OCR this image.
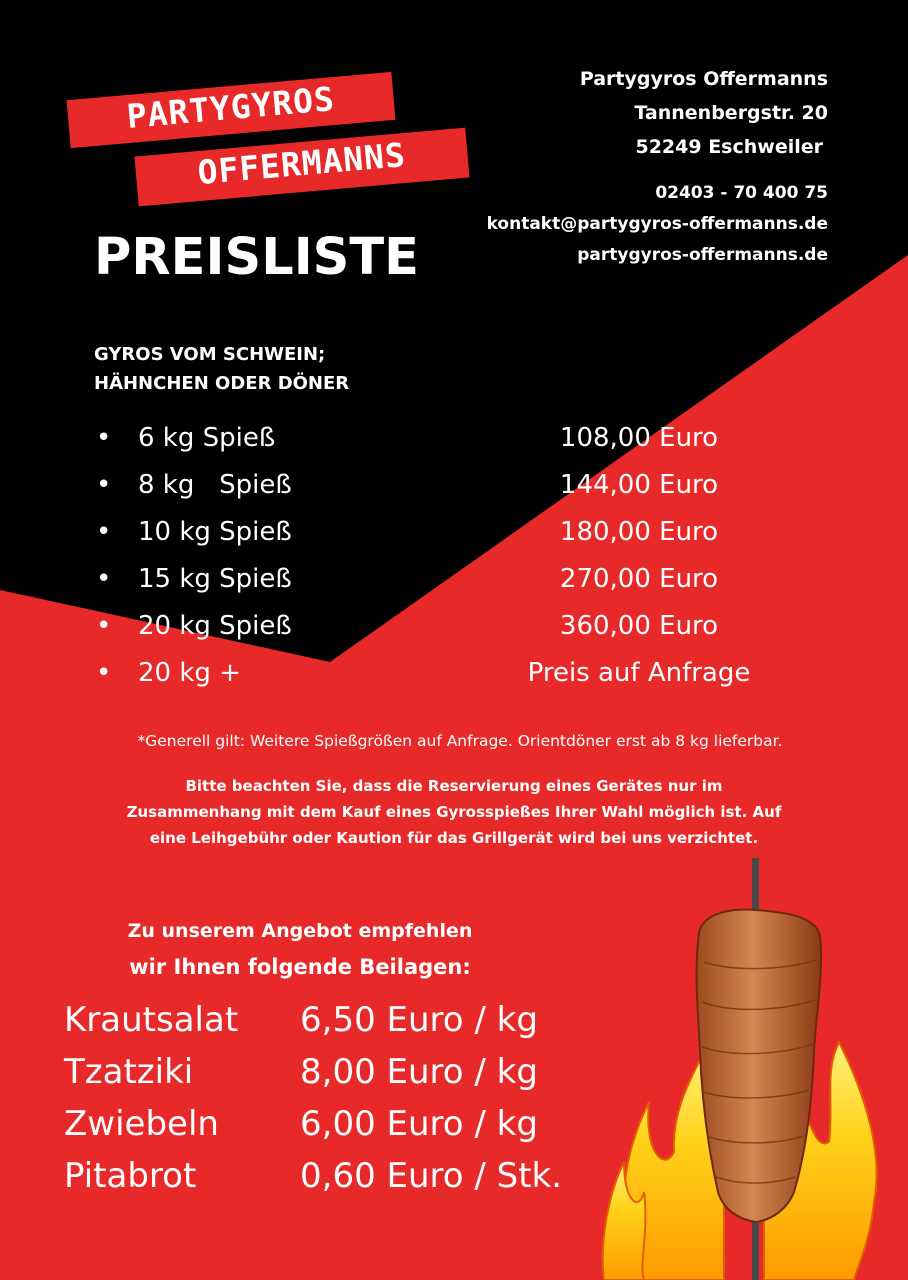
PARTYGYROS
OFFERMANNS
PREISLISTE
Partygyros Offermanns
Tannenbergstr. 20
52249 Eschweiler
02403 - 70 400 75
kontakt@partygyros-offermanns.de
partygyros-offermanns.de
GYROS VOM SCHWEIN;
HÄHNCHEN ODER DÖNER
• 6 kg Spieß	108,00 Euro
• 8 kg   Spieß	144,00 Euro
• 10 kg Spieß	180,00 Euro
• 15 kg Spieß	270,00 Euro
• 20 kg Spieß	360,00 Euro
• 20 kg +	Preis auf Anfrage
*Generell gilt: Weitere Spießgrößen auf Anfrage. Orientdöner erst ab 8 kg lieferbar.
Bitte beachten Sie, dass die Reservierung eines Gerätes nur im
Zusammenhang mit dem Kauf eines Gyrosspießes Ihrer Wahl möglich ist. Auf
eine Leihgebühr oder Kaution für das Grillgerät wird bei uns verzichtet.
Zu unserem Angebot empfehlen
wir Ihnen folgende Beilagen:
Krautsalat 6,50 Euro / kg
Tzatziki	8,00 Euro / kg
Zwiebeln 6,00 Euro / kg
Pitabrot	0,60 Euro / Stk.
